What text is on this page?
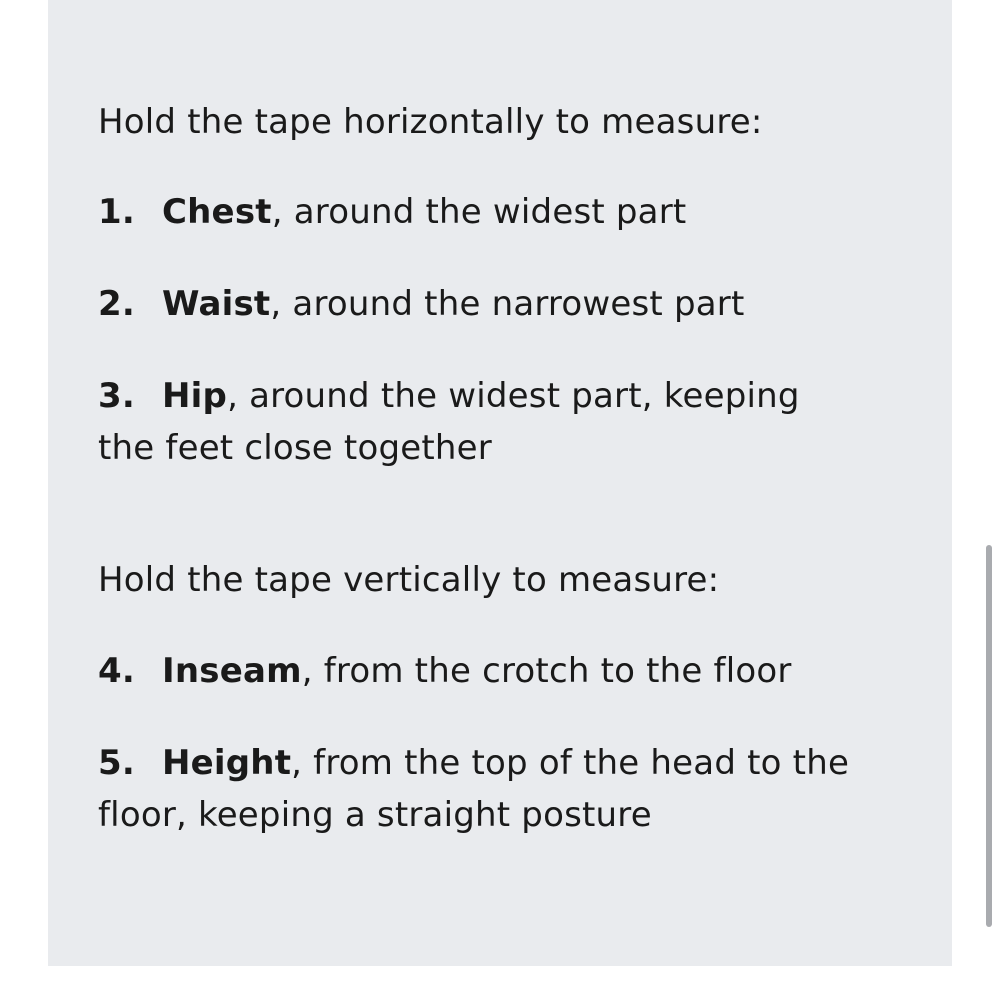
Hold the tape horizontally to measure:
1. Chest, around the widest part
2. Waist, around the narrowest part
3. Hip, around the widest part, keeping the feet close together
Hold the tape vertically to measure:
4. Inseam, from the crotch to the floor
5. Height, from the top of the head to the floor, keeping a straight posture
